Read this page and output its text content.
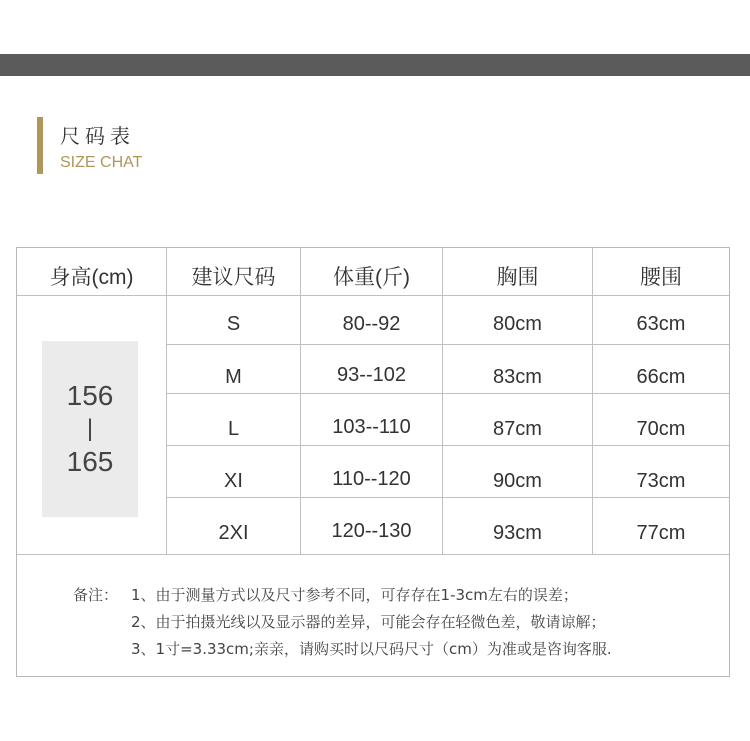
尺码表
SIZE CHAT
身高(cm)	建议尺码	体重(斤)	胸围	腰围
156
|
165
S	80--92	80cm	63cm
M	93--102	83cm	66cm
L	103--110	87cm	70cm
XI	110--120	90cm	73cm
2XI	120--130	93cm	77cm
备注： 1、由于测量方式以及尺寸参考不同，可存存在1-3cm左右的误差；
2、由于拍摄光线以及显示器的差异，可能会存在轻微色差，敬请谅解；
3、1寸=3.33cm;亲亲，请购买时以尺码尺寸（cm）为准或是咨询客服.
